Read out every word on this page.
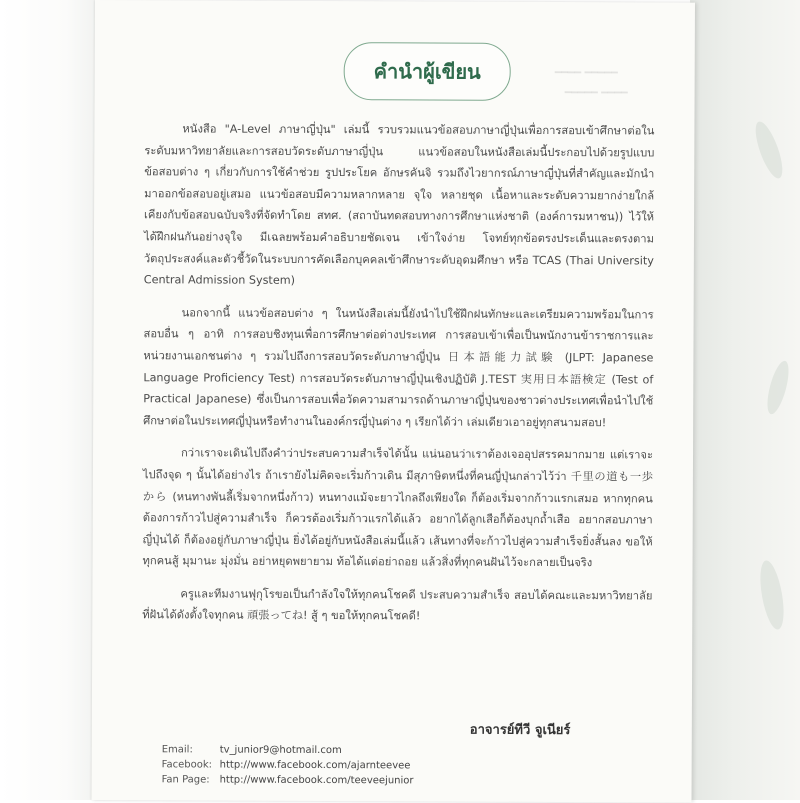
━━━━ ━━━━━
━━━━━ ━━━━
คำนำผู้เขียน

หนังสือ "A-Level ภาษาญี่ปุ่น" เล่มนี้ รวบรวมแนวข้อสอบภาษาญี่ปุ่นเพื่อการสอบเข้าศึกษาต่อในระดับมหาวิทยาลัยและการสอบวัดระดับภาษาญี่ปุ่น แนวข้อสอบในหนังสือเล่มนี้ประกอบไปด้วยรูปแบบข้อสอบต่าง ๆ เกี่ยวกับการใช้คำช่วย รูปประโยค อักษรคันจิ รวมถึงไวยากรณ์ภาษาญี่ปุ่นที่สำคัญและมักนำมาออกข้อสอบอยู่เสมอ แนวข้อสอบมีความหลากหลาย จุใจ หลายชุด เนื้อหาและระดับความยากง่ายใกล้เคียงกับข้อสอบฉบับจริงที่จัดทำโดย สทศ. (สถาบันทดสอบทางการศึกษาแห่งชาติ (องค์การมหาชน)) ไว้ให้ได้ฝึกฝนกันอย่างจุใจ มีเฉลยพร้อมคำอธิบายชัดเจน เข้าใจง่าย โจทย์ทุกข้อตรงประเด็นและตรงตามวัตถุประสงค์และตัวชี้วัดในระบบการคัดเลือกบุคคลเข้าศึกษาระดับอุดมศึกษา หรือ TCAS (Thai University Central Admission System)

นอกจากนี้ แนวข้อสอบต่าง ๆ ในหนังสือเล่มนี้ยังนำไปใช้ฝึกฝนทักษะและเตรียมความพร้อมในการสอบอื่น ๆ อาทิ การสอบชิงทุนเพื่อการศึกษาต่อต่างประเทศ การสอบเข้าเพื่อเป็นพนักงานข้าราชการและหน่วยงานเอกชนต่าง ๆ รวมไปถึงการสอบวัดระดับภาษาญี่ปุ่น 日本語能力試験 (JLPT: Japanese Language Proficiency Test) การสอบวัดระดับภาษาญี่ปุ่นเชิงปฏิบัติ J.TEST 実用日本語検定 (Test of Practical Japanese) ซึ่งเป็นการสอบเพื่อวัดความสามารถด้านภาษาญี่ปุ่นของชาวต่างประเทศเพื่อนำไปใช้ศึกษาต่อในประเทศญี่ปุ่นหรือทำงานในองค์กรญี่ปุ่นต่าง ๆ เรียกได้ว่า เล่มเดียวเอาอยู่ทุกสนามสอบ!

กว่าเราจะเดินไปถึงคำว่าประสบความสำเร็จได้นั้น แน่นอนว่าเราต้องเจออุปสรรคมากมาย แต่เราจะไปถึงจุด ๆ นั้นได้อย่างไร ถ้าเรายังไม่คิดจะเริ่มก้าวเดิน มีสุภาษิตหนึ่งที่คนญี่ปุ่นกล่าวไว้ว่า 千里の道も一歩から (หนทางพันลี้เริ่มจากหนึ่งก้าว) หนทางแม้จะยาวไกลถึงเพียงใด ก็ต้องเริ่มจากก้าวแรกเสมอ หากทุกคนต้องการก้าวไปสู่ความสำเร็จ ก็ควรต้องเริ่มก้าวแรกได้แล้ว อยากได้ลูกเสือก็ต้องบุกถ้ำเสือ อยากสอบภาษาญี่ปุ่นได้ ก็ต้องอยู่กับภาษาญี่ปุ่น ยิ่งได้อยู่กับหนังสือเล่มนี้แล้ว เส้นทางที่จะก้าวไปสู่ความสำเร็จยิ่งสั้นลง ขอให้ทุกคนสู้ มุมานะ มุ่งมั่น อย่าหยุดพยายาม ท้อได้แต่อย่าถอย แล้วสิ่งที่ทุกคนฝันไว้จะกลายเป็นจริง

ครูและทีมงานฟุกุโรขอเป็นกำลังใจให้ทุกคนโชคดี ประสบความสำเร็จ สอบได้คณะและมหาวิทยาลัยที่ฝันได้ดังตั้งใจทุกคน 頑張ってね! สู้ ๆ ขอให้ทุกคนโชคดี!

อาจารย์ทีวี จูเนียร์
Email:	tv_junior9@hotmail.com
Facebook: http://www.facebook.com/ajarnteevee
Fan Page: http://www.facebook.com/teeveejunior
